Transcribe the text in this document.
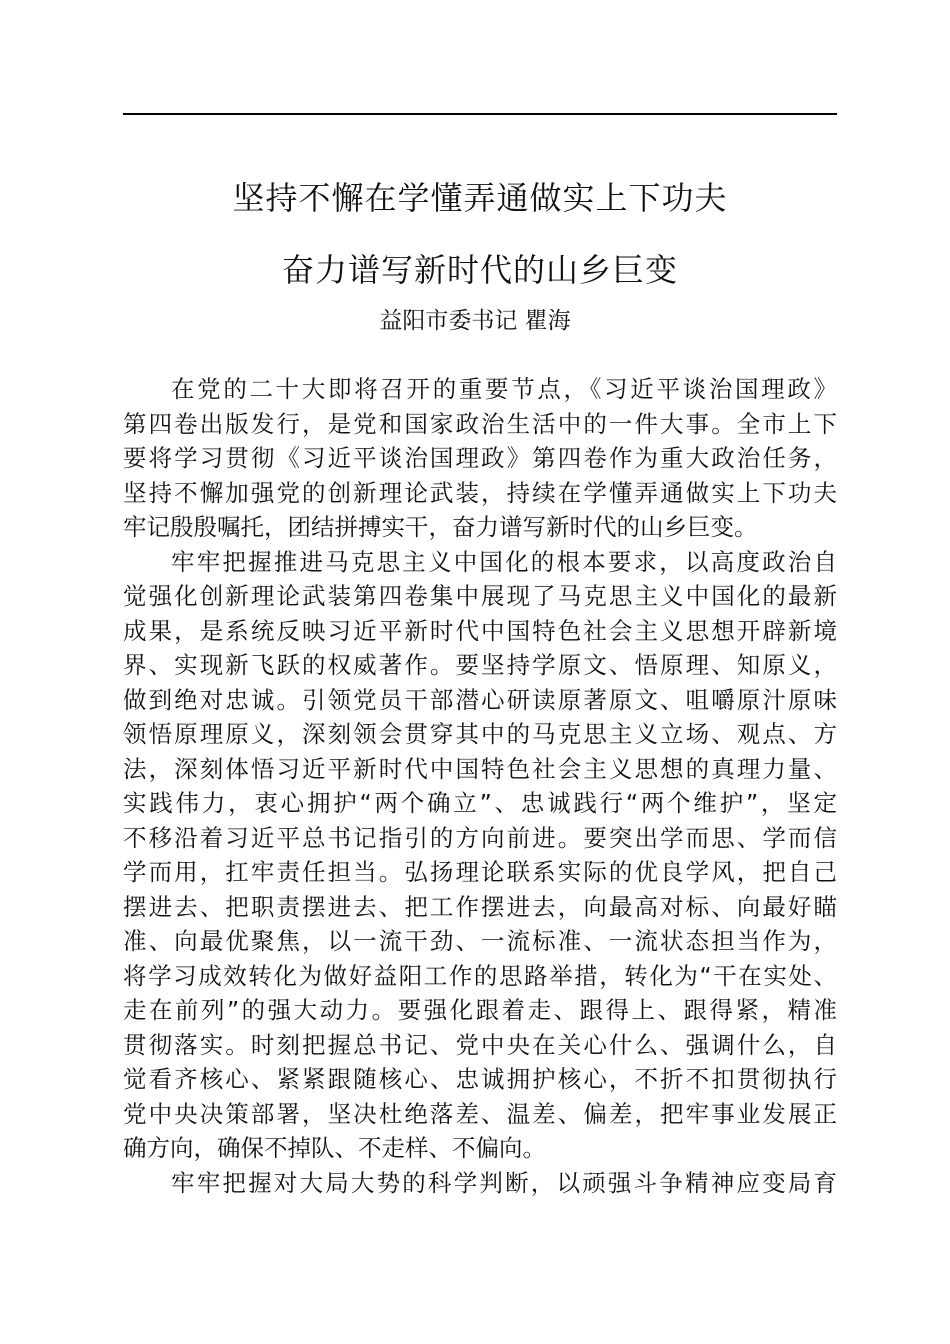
坚持不懈在学懂弄通做实上下功夫
奋力谱写新时代的山乡巨变
益阳市委书记 瞿海
在党的二十大即将召开的重要节点，《习近平谈治国理政》
第四卷出版发行，是党和国家政治生活中的一件大事。全市上下
要将学习贯彻《习近平谈治国理政》第四卷作为重大政治任务，
坚持不懈加强党的创新理论武装，持续在学懂弄通做实上下功夫
牢记殷殷嘱托，团结拼搏实干，奋力谱写新时代的山乡巨变。
牢牢把握推进马克思主义中国化的根本要求，以高度政治自
觉强化创新理论武装第四卷集中展现了马克思主义中国化的最新
成果，是系统反映习近平新时代中国特色社会主义思想开辟新境
界、实现新飞跃的权威著作。要坚持学原文、悟原理、知原义，
做到绝对忠诚。引领党员干部潜心研读原著原文、咀嚼原汁原味
领悟原理原义，深刻领会贯穿其中的马克思主义立场、观点、方
法，深刻体悟习近平新时代中国特色社会主义思想的真理力量、
实践伟力，衷心拥护“两个确立”、忠诚践行“两个维护”，坚定
不移沿着习近平总书记指引的方向前进。要突出学而思、学而信
学而用，扛牢责任担当。弘扬理论联系实际的优良学风，把自己
摆进去、把职责摆进去、把工作摆进去，向最高对标、向最好瞄
准、向最优聚焦，以一流干劲、一流标准、一流状态担当作为，
将学习成效转化为做好益阳工作的思路举措，转化为“干在实处、
走在前列”的强大动力。要强化跟着走、跟得上、跟得紧，精准
贯彻落实。时刻把握总书记、党中央在关心什么、强调什么，自
觉看齐核心、紧紧跟随核心、忠诚拥护核心，不折不扣贯彻执行
党中央决策部署，坚决杜绝落差、温差、偏差，把牢事业发展正
确方向，确保不掉队、不走样、不偏向。
牢牢把握对大局大势的科学判断，以顽强斗争精神应变局育
